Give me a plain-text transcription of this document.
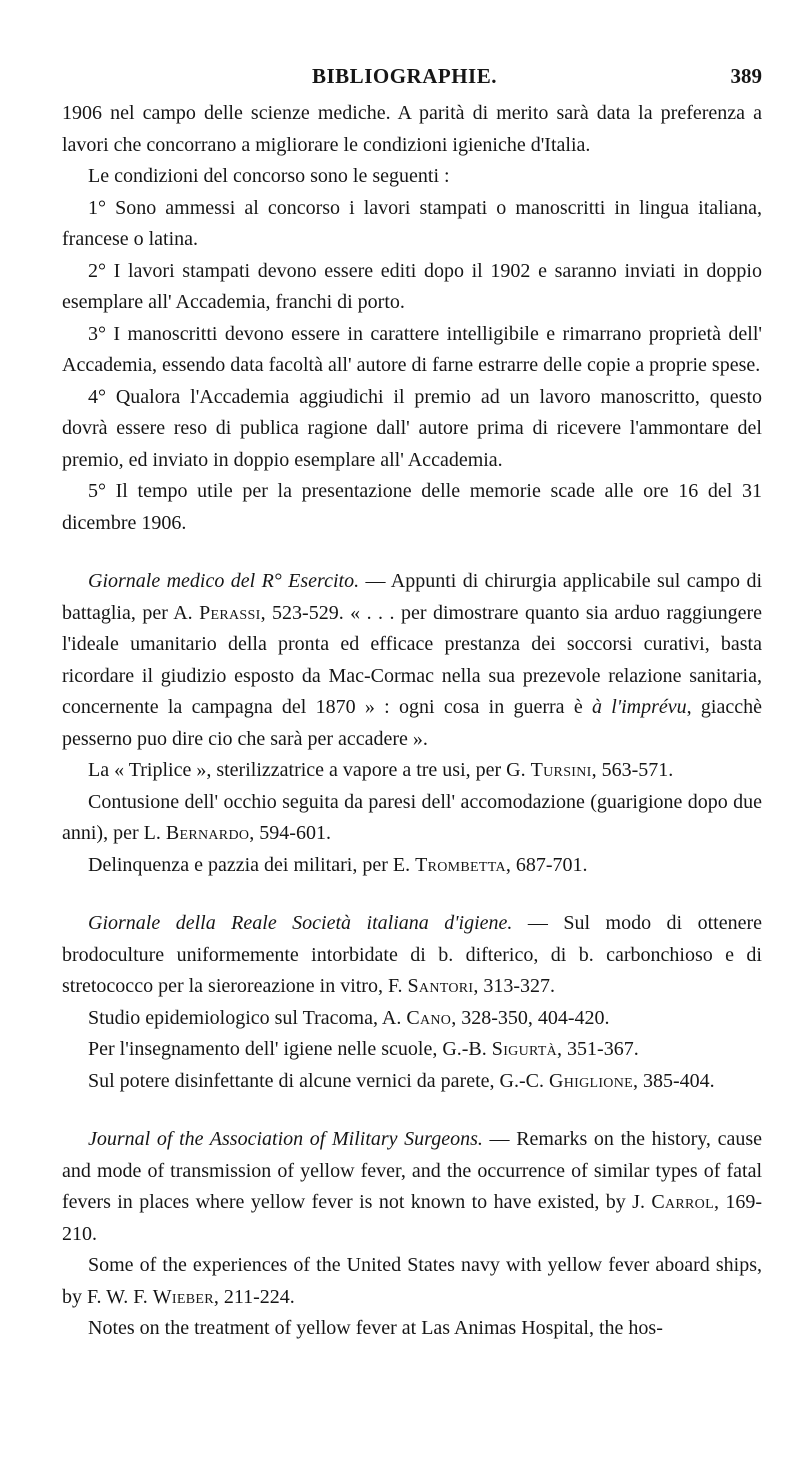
BIBLIOGRAPHIE.	389

1906 nel campo delle scienze mediche. A parità di merito sarà data la preferenza a lavori che concorrano a migliorare le condizioni igieniche d'Italia.

Le condizioni del concorso sono le seguenti :

1° Sono ammessi al concorso i lavori stampati o manoscritti in lingua italiana, francese o latina.

2° I lavori stampati devono essere editi dopo il 1902 e saranno inviati in doppio esemplare all' Accademia, franchi di porto.

3° I manoscritti devono essere in carattere intelligibile e rimarrano proprietà dell' Accademia, essendo data facoltà all' autore di farne estrarre delle copie a proprie spese.

4° Qualora l'Accademia aggiudichi il premio ad un lavoro manoscritto, questo dovrà essere reso di publica ragione dall' autore prima di ricevere l'ammontare del premio, ed inviato in doppio esemplare all' Accademia.

5° Il tempo utile per la presentazione delle memorie scade alle ore 16 del 31 dicembre 1906.

Giornale medico del R° Esercito. — Appunti di chirurgia applicabile sul campo di battaglia, per A. Perassi, 523-529. « . . . per dimostrare quanto sia arduo raggiungere l'ideale umanitario della pronta ed efficace prestanza dei soccorsi curativi, basta ricordare il giudizio esposto da Mac-Cormac nella sua prezevole relazione sanitaria, concernente la campagna del 1870 » : ogni cosa in guerra è à l'imprévu, giacchè pesserno puo dire cio che sarà per accadere ».

La « Triplice », sterilizzatrice a vapore a tre usi, per G. Tursini, 563-571.

Contusione dell' occhio seguita da paresi dell' accomodazione (guarigione dopo due anni), per L. Bernardo, 594-601.

Delinquenza e pazzia dei militari, per E. Trombetta, 687-701.

Giornale della Reale Società italiana d'igiene. — Sul modo di ottenere brodoculture uniformemente intorbidate di b. difterico, di b. carbonchioso e di stretococco per la sieroreazione in vitro, F. Santori, 313-327.

Studio epidemiologico sul Tracoma, A. Cano, 328-350, 404-420.

Per l'insegnamento dell' igiene nelle scuole, G.-B. Sigurtà, 351-367.

Sul potere disinfettante di alcune vernici da parete, G.-C. Ghiglione, 385-404.

Journal of the Association of Military Surgeons. — Remarks on the history, cause and mode of transmission of yellow fever, and the occurrence of similar types of fatal fevers in places where yellow fever is not known to have existed, by J. Carrol, 169-210.

Some of the experiences of the United States navy with yellow fever aboard ships, by F. W. F. Wieber, 211-224.

Notes on the treatment of yellow fever at Las Animas Hospital, the hos-
